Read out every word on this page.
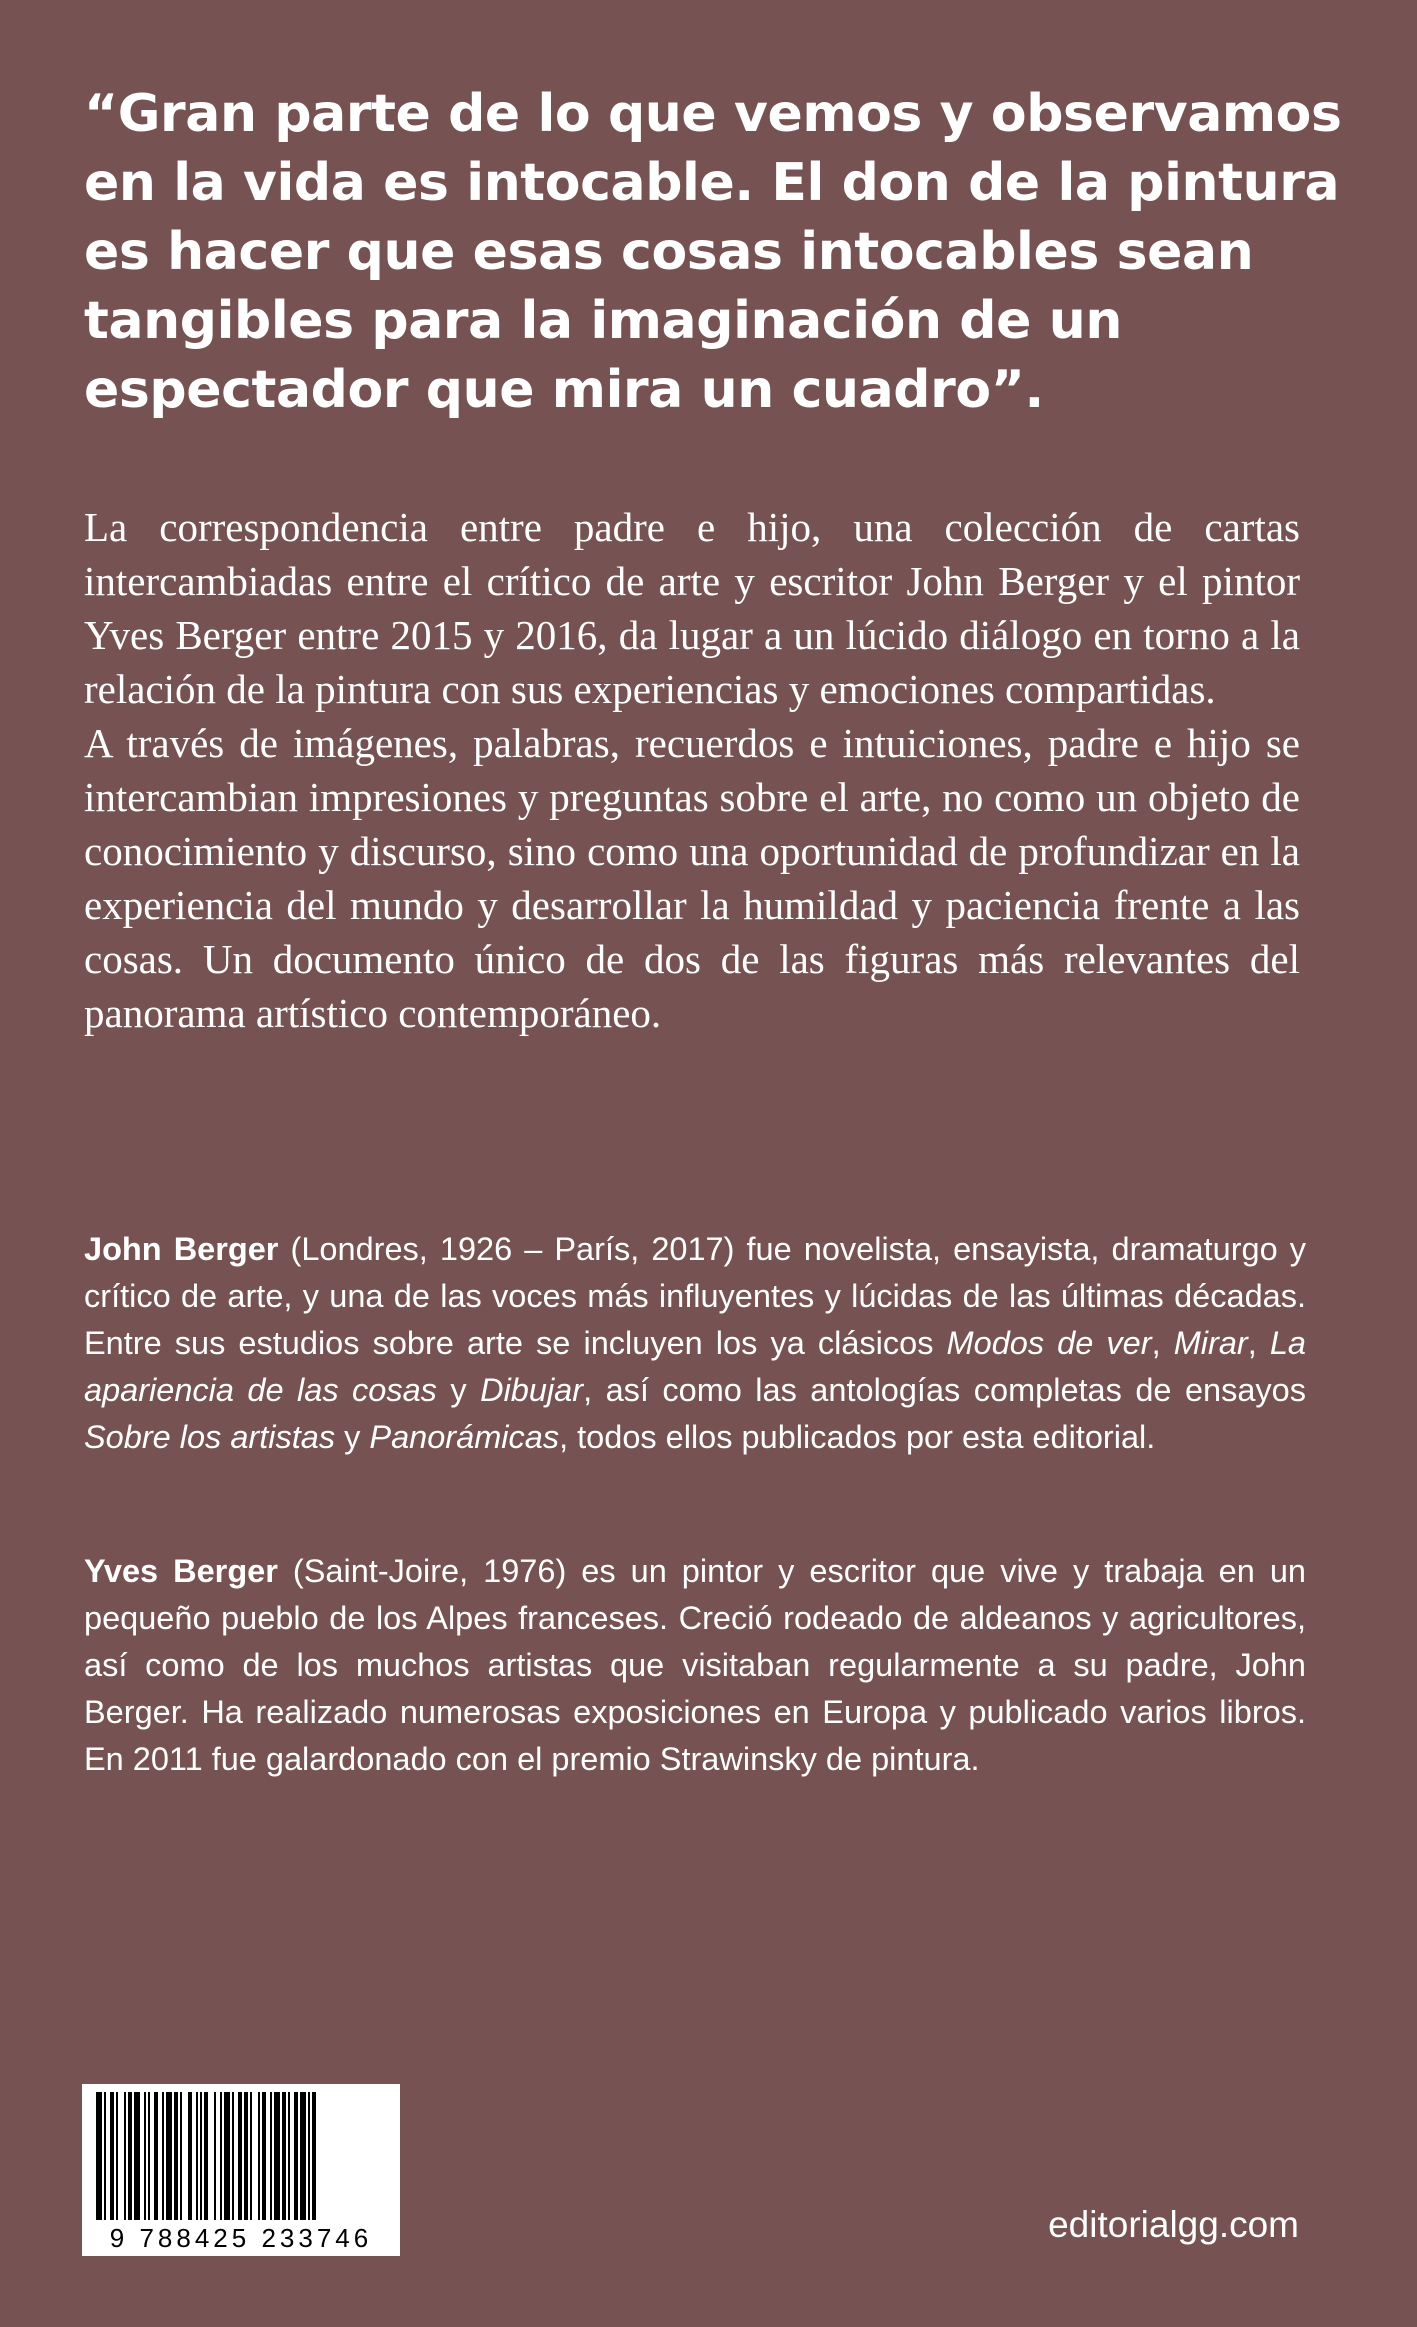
“Gran parte de lo que vemos y observamos en la vida es intocable. El don de la pintura es hacer que esas cosas intocables sean tangibles para la imaginación de un espectador que mira un cuadro”.

La correspondencia entre padre e hijo, una colección de cartas intercambiadas entre el crítico de arte y escritor John Berger y el pintor Yves Berger entre 2015 y 2016, da lugar a un lúcido diálogo en torno a la relación de la pintura con sus experiencias y emociones compartidas.

A través de imágenes, palabras, recuerdos e intuiciones, padre e hijo se intercambian impresiones y preguntas sobre el arte, no como un objeto de conocimiento y discurso, sino como una oportunidad de profundizar en la experiencia del mundo y desarrollar la humildad y paciencia frente a las cosas. Un documento único de dos de las figuras más relevantes del panorama artístico contemporáneo.

John Berger (Londres, 1926 – París, 2017) fue novelista, ensayista, dramaturgo y crítico de arte, y una de las voces más influyentes y lúcidas de las últimas décadas. Entre sus estudios sobre arte se incluyen los ya clásicos Modos de ver, Mirar, La apariencia de las cosas y Dibujar, así como las antologías completas de ensayos Sobre los artistas y Panorámicas, todos ellos publicados por esta editorial.

Yves Berger (Saint-Joire, 1976) es un pintor y escritor que vive y trabaja en un pequeño pueblo de los Alpes franceses. Creció rodeado de aldeanos y agricultores, así como de los muchos artistas que visitaban regularmente a su padre, John Berger. Ha realizado numerosas exposiciones en Europa y publicado varios libros. En 2011 fue galardonado con el premio Strawinsky de pintura.

9 788425 233746	editorialgg.com
